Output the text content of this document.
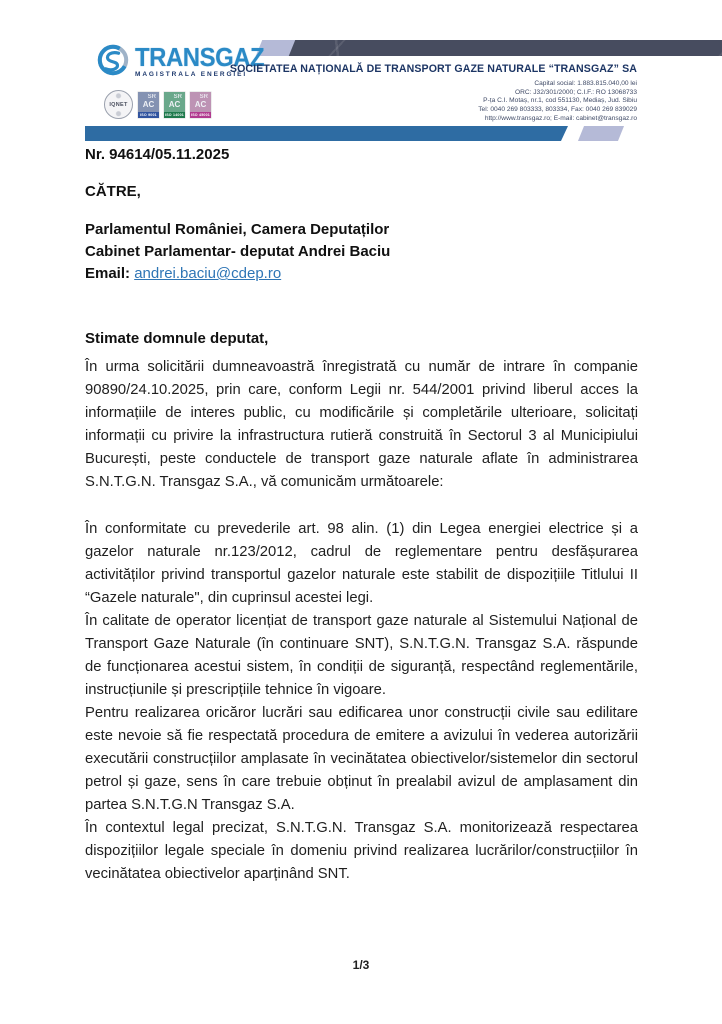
TRANSGAZ
MAGISTRALA ENERGIEI
IQNET
SR
AC
ISO 9001
SR
AC
ISO 14001
SR
AC
ISO 45001
SOCIETATEA NAȚIONALĂ DE TRANSPORT GAZE NATURALE “TRANSGAZ” SA
Capital social: 1.883.815.040,00 lei
ORC: J32/301/2000; C.I.F.: RO 13068733
P-ța C.I. Motaș, nr.1, cod 551130, Mediaș, Jud. Sibiu
Tel: 0040 269 803333, 803334, Fax: 0040 269 839029
http://www.transgaz.ro; E-mail: cabinet@transgaz.ro
Nr. 94614/05.11.2025
CĂTRE,
Parlamentul României, Camera Deputaților
Cabinet Parlamentar- deputat Andrei Baciu
Email: andrei.baciu@cdep.ro
Stimate domnule deputat,

În urma solicitării dumneavoastră înregistrată cu număr de intrare în companie 90890/24.10.2025, prin care, conform Legii nr. 544/2001 privind liberul acces la informațiile de interes public, cu modificările și completările ulterioare, solicitați informații cu privire la infrastructura rutieră construită în Sectorul 3 al Municipiului București, peste conductele de transport gaze naturale aflate în administrarea S.N.T.G.N. Transgaz S.A., vă comunicăm următoarele:

În conformitate cu prevederile art. 98 alin. (1) din Legea energiei electrice și a gazelor naturale nr.123/2012, cadrul de reglementare pentru desfășurarea activităților privind transportul gazelor naturale este stabilit de dispozițiile Titlului II “Gazele naturale", din cuprinsul acestei legi.

În calitate de operator licențiat de transport gaze naturale al Sistemului Național de Transport Gaze Naturale (în continuare SNT), S.N.T.G.N. Transgaz S.A. răspunde de funcționarea acestui sistem, în condiții de siguranță, respectând reglementările, instrucțiunile și prescripțiile tehnice în vigoare.

Pentru realizarea oricăror lucrări sau edificarea unor construcții civile sau edilitare este nevoie să fie respectată procedura de emitere a avizului în vederea autorizării executării construcțiilor amplasate în vecinătatea obiectivelor/sistemelor din sectorul petrol și gaze, sens în care trebuie obținut în prealabil avizul de amplasament din partea S.N.T.G.N Transgaz S.A.

În contextul legal precizat, S.N.T.G.N. Transgaz S.A. monitorizează respectarea dispozițiilor legale speciale în domeniu privind realizarea lucrărilor/construcțiilor în vecinătatea obiectivelor aparținând SNT.

1/3
